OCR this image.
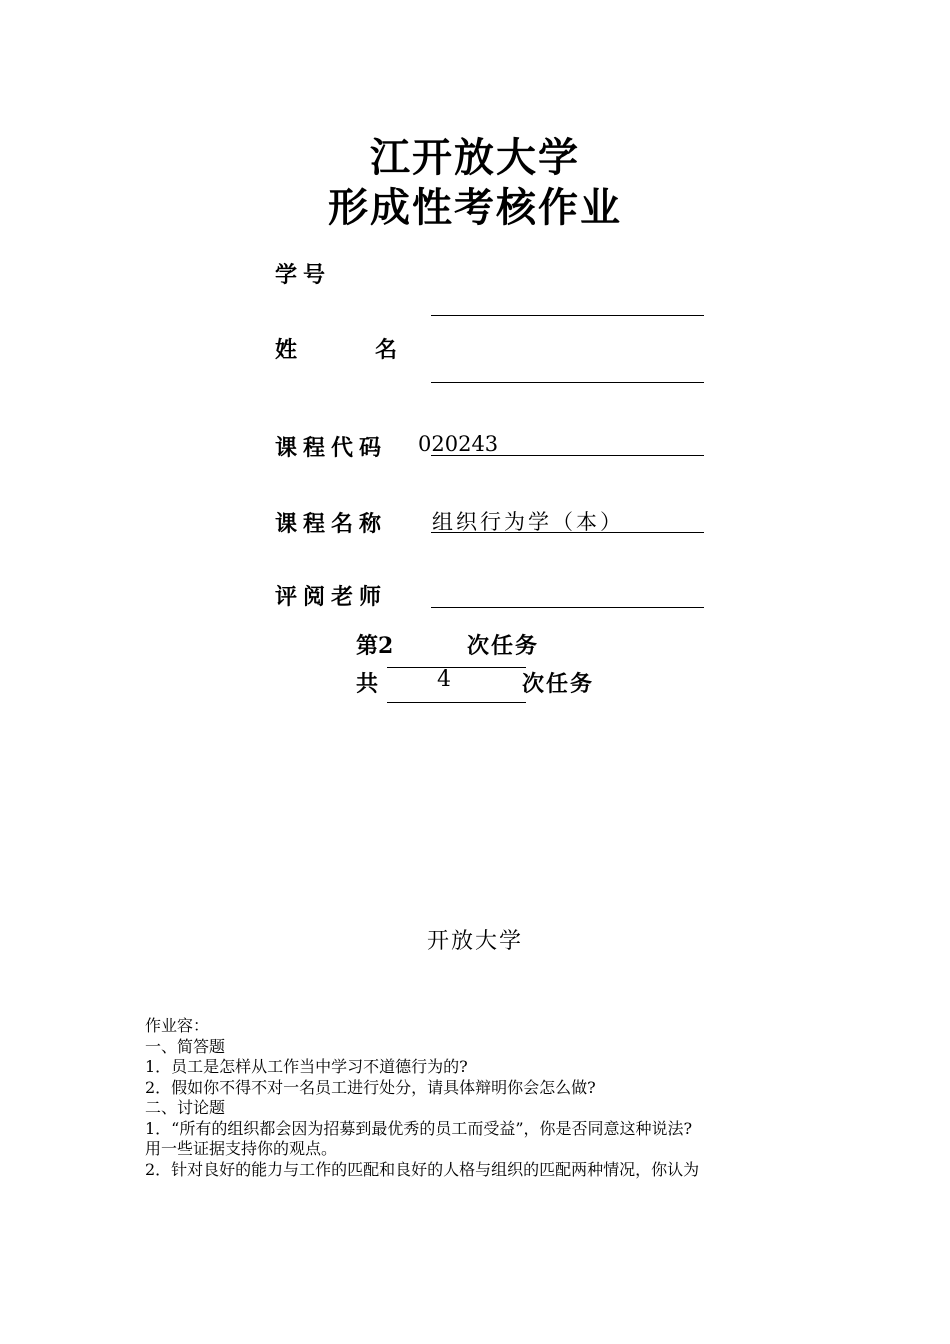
江开放大学
形成性考核作业
学号
姓	名
课程代码 020243
课程名称 组织行为学（本）
评阅老师
第2	次任务
共	4	次任务
开放大学
作业容：
一、简答题
1．员工是怎样从工作当中学习不道德行为的?
2．假如你不得不对一名员工进行处分，请具体辩明你会怎么做?
二、讨论题
1．“所有的组织都会因为招募到最优秀的员工而受益”，你是否同意这种说法?
用一些证据支持你的观点。
2．针对良好的能力与工作的匹配和良好的人格与组织的匹配两种情况，你认为
